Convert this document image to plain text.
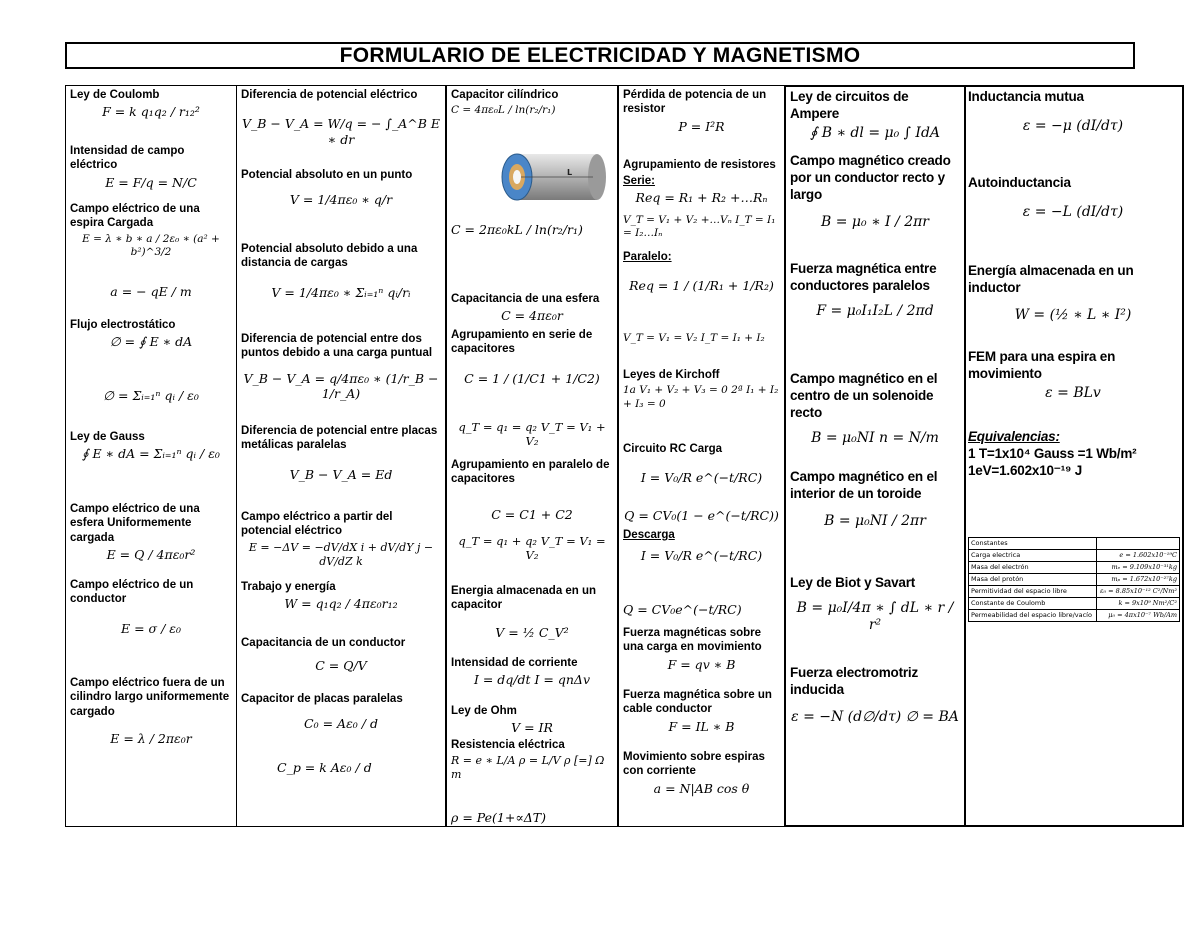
FORMULARIO DE ELECTRICIDAD Y MAGNETISMO
Ley de Coulomb
F = k q₁q₂ / r₁₂²
Intensidad de campo eléctrico
E = F/q = N/C
Campo eléctrico de una espira Cargada
E = λ ∗ b ∗ a / 2ε₀ ∗ (a² + b²)^3/2
a = − qE / m
Flujo electrostático
∅ = ∮ E ∗ dA
∅ = Σᵢ₌₁ⁿ qᵢ / ε₀
Ley de Gauss
∮ E ∗ dA = Σᵢ₌₁ⁿ qᵢ / ε₀
Campo eléctrico de una esfera Uniformemente cargada
E = Q / 4πε₀r²
Campo eléctrico de un conductor
E = σ / ε₀
Campo eléctrico fuera de un cilindro largo uniformemente cargado
E = λ / 2πε₀r
Diferencia de potencial eléctrico
V_B − V_A = W/q = − ∫_A^B E ∗ dr
Potencial absoluto en un punto
V = 1/4πε₀ ∗ q/r
Potencial absoluto debido a una distancia de cargas
V = 1/4πε₀ ∗ Σᵢ₌₁ⁿ qᵢ/rᵢ
Diferencia de potencial entre dos puntos debido a una carga puntual
V_B − V_A = q/4πε₀ ∗ (1/r_B − 1/r_A)
Diferencia de potencial entre placas metálicas paralelas
V_B − V_A = Ed
Campo eléctrico a partir del potencial eléctrico
E = −ΔV = −dV/dX i + dV/dY j − dV/dZ k
Trabajo y energía
W = q₁q₂ / 4πε₀r₁₂
Capacitancia de un conductor
C = Q/V
Capacitor de placas paralelas
C₀ = Aε₀ / d
C_p = k Aε₀ / d
Capacitor cilíndrico
C = 4πε₀L / ln(r₂/r₁)
L
C = 2πε₀kL / ln(r₂/r₁)
Capacitancia de una esfera
C = 4πε₀r
Agrupamiento en serie de capacitores
C = 1 / (1/C1 + 1/C2)
q_T = q₁ = q₂ V_T = V₁ + V₂
Agrupamiento en paralelo de capacitores
C = C1 + C2
q_T = q₁ + q₂ V_T = V₁ = V₂
Energia almacenada en un capacitor
V = ½ C_V²
Intensidad de corriente
I = dq/dt I = qnΔv
Ley de Ohm
V = IR
Resistencia eléctrica
R = e ∗ L/A ρ = L/V ρ [=] Ω m
ρ = Pe(1+∝ΔT)
Pérdida de potencia de un resistor
P = I²R
Agrupamiento de resistores
Serie:
Req = R₁ + R₂ +…Rₙ
V_T = V₁ + V₂ +…Vₙ I_T = I₁ = I₂…Iₙ
Paralelo:
Req = 1 / (1/R₁ + 1/R₂)
V_T = V₁ = V₂ I_T = I₁ + I₂
Leyes de Kirchoff
1a V₁ + V₂ + V₃ = 0 2ª I₁ + I₂ + I₃ = 0
Circuito RC Carga
I = V₀/R e^(−t/RC)
Q = CV₀(1 − e^(−t/RC))
Descarga
I = V₀/R e^(−t/RC)
Q = CV₀e^(−t/RC)
Fuerza magnéticas sobre una carga en movimiento
F = qv ∗ B
Fuerza magnética sobre un cable conductor
F = IL ∗ B
Movimiento sobre espiras con corriente
a = N|AB cos θ
Ley de circuitos de Ampere
∮ B ∗ dl = μ₀ ∫ IdA
Campo magnético creado por un conductor recto y largo
B = μ₀ ∗ I / 2πr
Fuerza magnética entre conductores paralelos
F = μ₀I₁I₂L / 2πd
Campo magnético en el centro de un solenoide recto
B = μ₀NI n = N/m
Campo magnético en el interior de un toroide
B = μ₀NI / 2πr
Ley de Biot y Savart
B = μ₀I/4π ∗ ∫ dL ∗ r / r²
Fuerza electromotriz inducida
ε = −N (d∅/dτ) ∅ = BA
Inductancia mutua
ε = −μ (dI/dτ)
Autoinductancia
ε = −L (dI/dτ)
Energía almacenada en un inductor
W = (½ ∗ L ∗ I²)
FEM para una espira en movimiento
ε = BLv
Equivalencias:
1 T=1x10⁴ Gauss =1 Wb/m²
1eV=1.602x10⁻¹⁹ J
Constantes	
Carga electrica	e = 1.602x10⁻¹⁹C
Masa del electrón	mₑ = 9.109x10⁻³¹kg
Masa del protón	mₚ = 1.672x10⁻²⁷kg
Permitividad del espacio libre	ε₀ = 8.85x10⁻¹² C²/Nm²
Constante de Coulomb	k = 9x10⁹ Nm²/C²
Permeabilidad del espacio libre/vacío	μ₀ = 4πx10⁻⁷ Wb/Am
